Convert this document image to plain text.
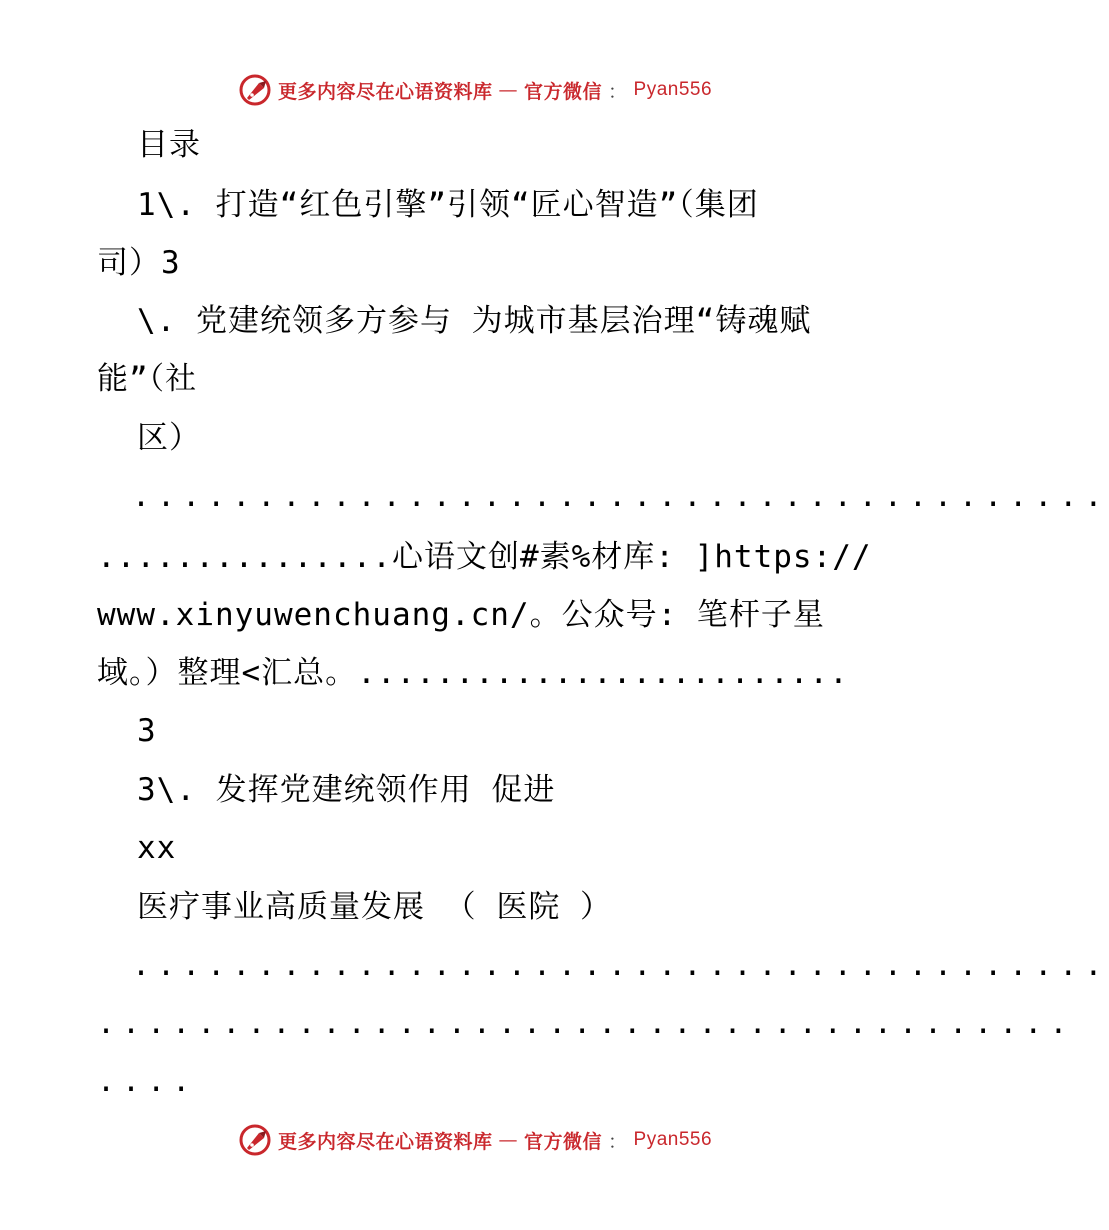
更多内容尽在心语资料库 — 官方微信 ： Pyan556
目录
1\. 打造“红色引擎”引领“匠心智造”（集团
司）3
\. 党建统领多方参与 为城市基层治理“铸魂赋
能”（社
区）
.......................................
...............心语文创#素%材库: ]https://
www.xinyuwenchuang.cn/。公众号: 笔杆子星
域。）整理<汇总。.........................
3
3\. 发挥党建统领作用 促进
xx
医疗事业高质量发展 （ 医院 ）
.......................................
.......................................
....
更多内容尽在心语资料库 — 官方微信 ： Pyan556
